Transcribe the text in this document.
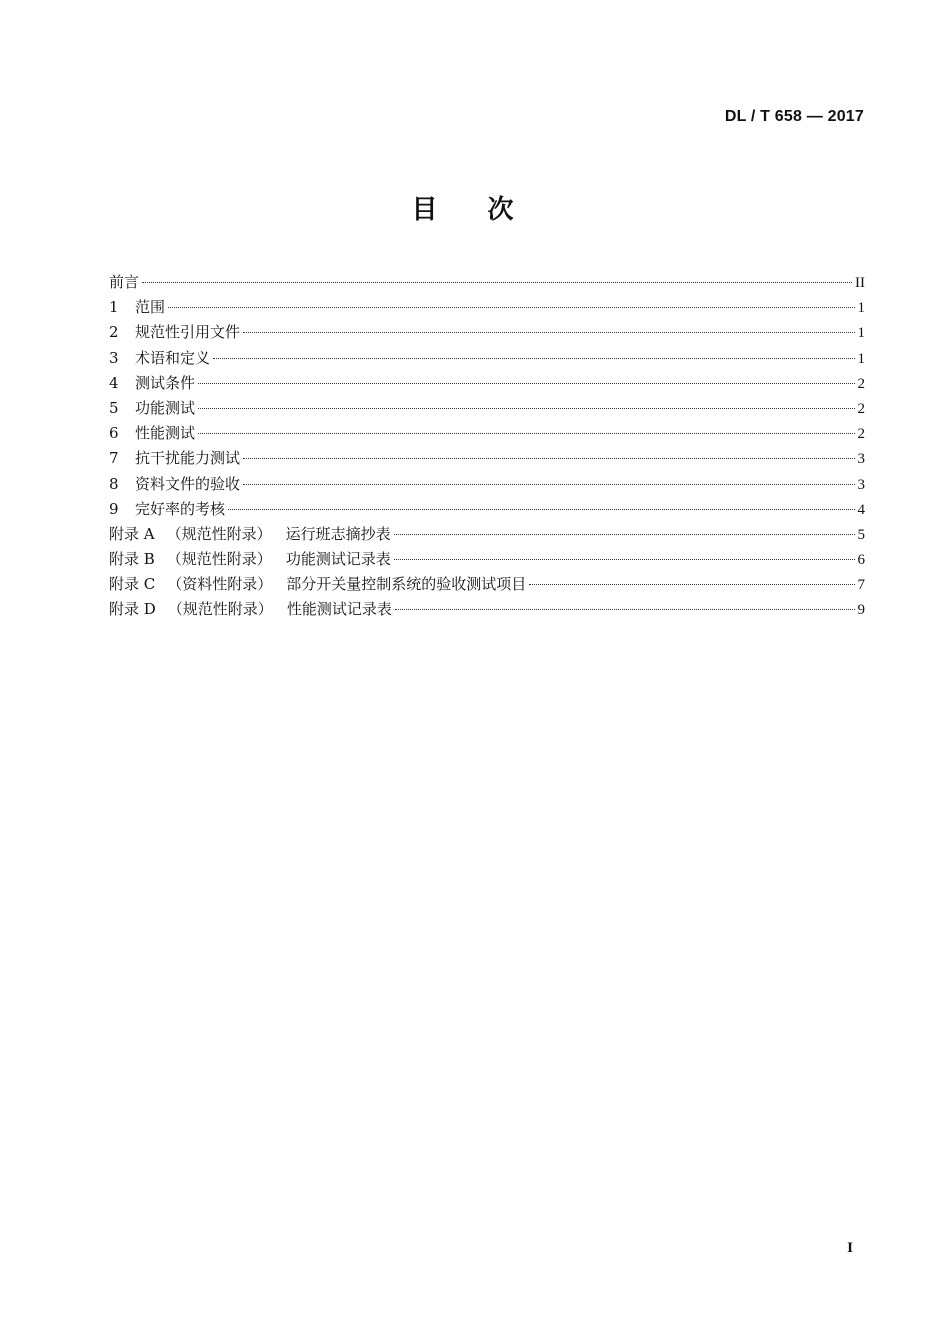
DL / T 658 — 2017
目次
前言	II
1	范围	1
2	规范性引用文件	1
3	术语和定义	1
4	测试条件	2
5	功能测试	2
6	性能测试	2
7	抗干扰能力测试	3
8	资料文件的验收	3
9	完好率的考核	4
附录 A （规范性附录） 运行班志摘抄表	5
附录 B （规范性附录） 功能测试记录表	6
附录 C （资料性附录） 部分开关量控制系统的验收测试项目	7
附录 D （规范性附录） 性能测试记录表	9
I
